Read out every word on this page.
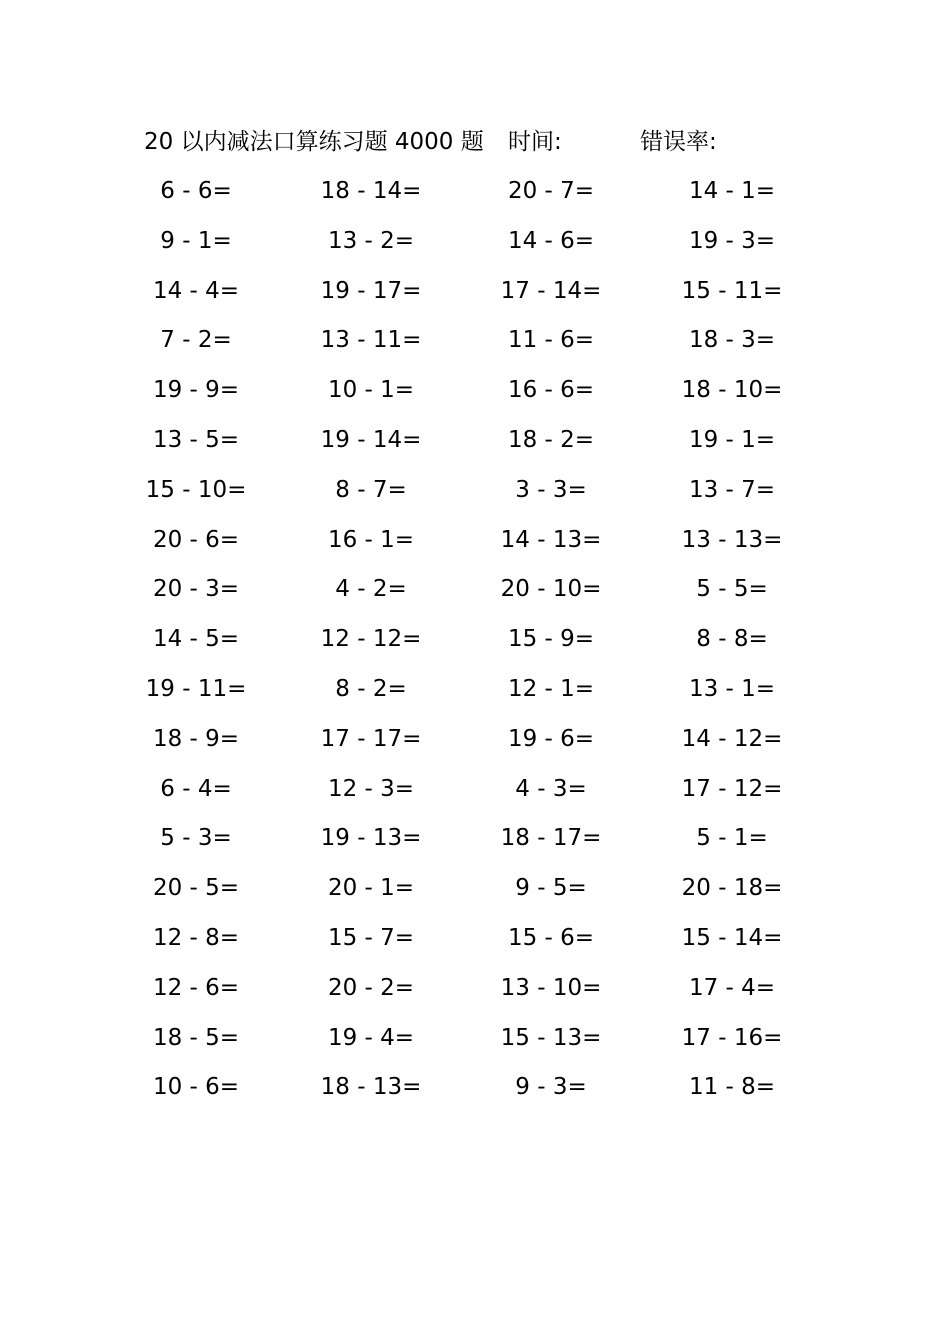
20 以内减法口算练习题 4000 题 时间:	错误率:
6 - 6=	18 - 14=	20 - 7=	14 - 1=
9 - 1=	13 - 2=	14 - 6=	19 - 3=
14 - 4=	19 - 17=	17 - 14=	15 - 11=
7 - 2=	13 - 11=	11 - 6=	18 - 3=
19 - 9=	10 - 1=	16 - 6=	18 - 10=
13 - 5=	19 - 14=	18 - 2=	19 - 1=
15 - 10=	8 - 7=	3 - 3=	13 - 7=
20 - 6=	16 - 1=	14 - 13=	13 - 13=
20 - 3=	4 - 2=	20 - 10=	5 - 5=
14 - 5=	12 - 12=	15 - 9=	8 - 8=
19 - 11=	8 - 2=	12 - 1=	13 - 1=
18 - 9=	17 - 17=	19 - 6=	14 - 12=
6 - 4=	12 - 3=	4 - 3=	17 - 12=
5 - 3=	19 - 13=	18 - 17=	5 - 1=
20 - 5=	20 - 1=	9 - 5=	20 - 18=
12 - 8=	15 - 7=	15 - 6=	15 - 14=
12 - 6=	20 - 2=	13 - 10=	17 - 4=
18 - 5=	19 - 4=	15 - 13=	17 - 16=
10 - 6=	18 - 13=	9 - 3=	11 - 8=
